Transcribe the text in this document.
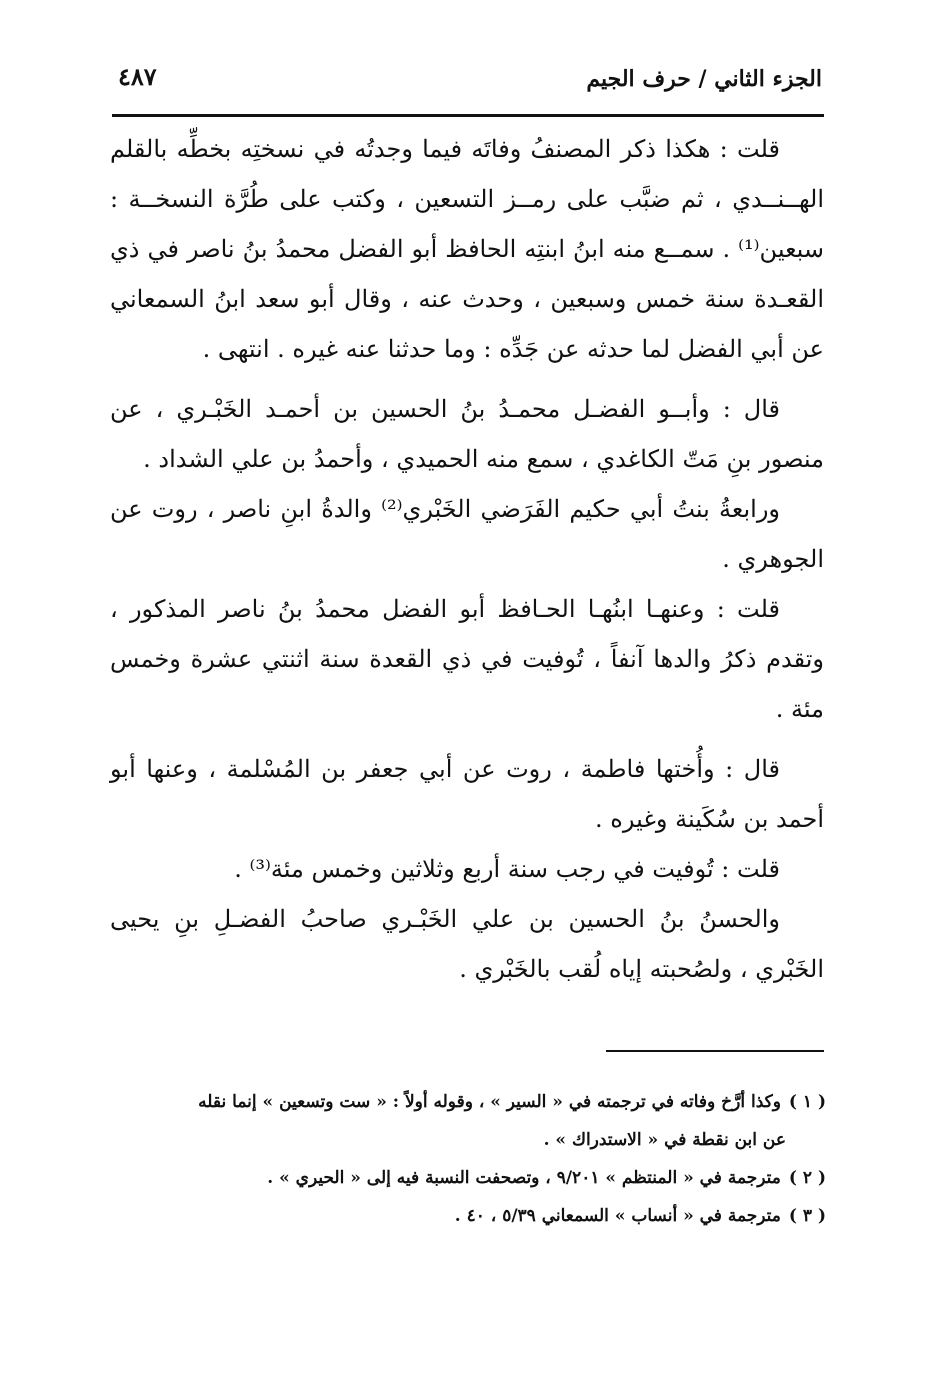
الجزء الثاني / حرف الجيم
٤٨٧

قلت : هكذا ذكر المصنفُ وفاتَه فيما وجدتُه في نسختِه بخطِّه بالقلم الهــنــدي ، ثم ضبَّب على رمــز التسعين ، وكتب على طُرَّة النسخــة : سبعين⁽¹⁾ . سمــع منه ابنُ ابنتِه الحافظ أبو الفضل محمدُ بنُ ناصر في ذي القعـدة سنة خمس وسبعين ، وحدث عنه ، وقال أبو سعد ابنُ السمعاني عن أبي الفضل لما حدثه عن جَدِّه : وما حدثنا عنه غيره . انتهى .

قال : وأبــو الفضـل محمـدُ بنُ الحسين بن أحمـد الخَبْـري ، عن منصور بنِ مَتّ الكاغدي ، سمع منه الحميدي ، وأحمدُ بن علي الشداد .

ورابعةُ بنتُ أبي حكيم الفَرَضي الخَبْري⁽²⁾ والدةُ ابنِ ناصر ، روت عن الجوهري .

قلت : وعنهـا ابنُهـا الحـافظ أبو الفضل محمدُ بنُ ناصر المذكور ، وتقدم ذكرُ والدها آنفاً ، تُوفيت في ذي القعدة سنة اثنتي عشرة وخمس مئة .

قال : وأُختها فاطمة ، روت عن أبي جعفر بن المُسْلمة ، وعنها أبو أحمد بن سُكَينة وغيره .

قلت : تُوفيت في رجب سنة أربع وثلاثين وخمس مئة⁽³⁾ .

والحسنُ بنُ الحسين بن علي الخَبْـري صاحبُ الفضـلِ بنِ يحيى الخَبْري ، ولصُحبته إياه لُقب بالخَبْري .

( ١ )وكذا أرَّخ وفاته في ترجمته في « السير » ، وقوله أولاً : « ست وتسعين » إنما نقله

عن ابن نقطة في « الاستدراك » .

( ٢ )مترجمة في « المنتظم » ٩/٢٠١ ، وتصحفت النسبة فيه إلى « الحيري » .

( ٣ )مترجمة في « أنساب » السمعاني ٥/٣٩ ، ٤٠ .
